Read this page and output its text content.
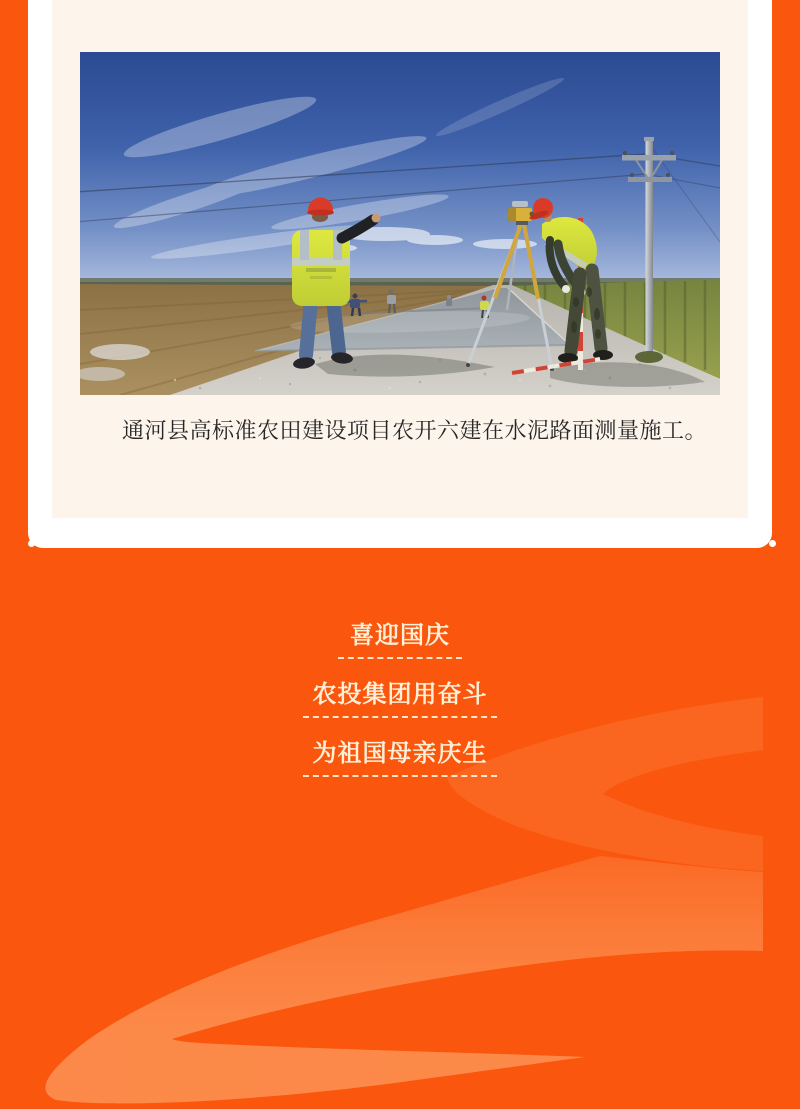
通河县高标准农田建设项目农开六建在水泥路面测量施工。

喜迎国庆
农投集团用奋斗
为祖国母亲庆生
